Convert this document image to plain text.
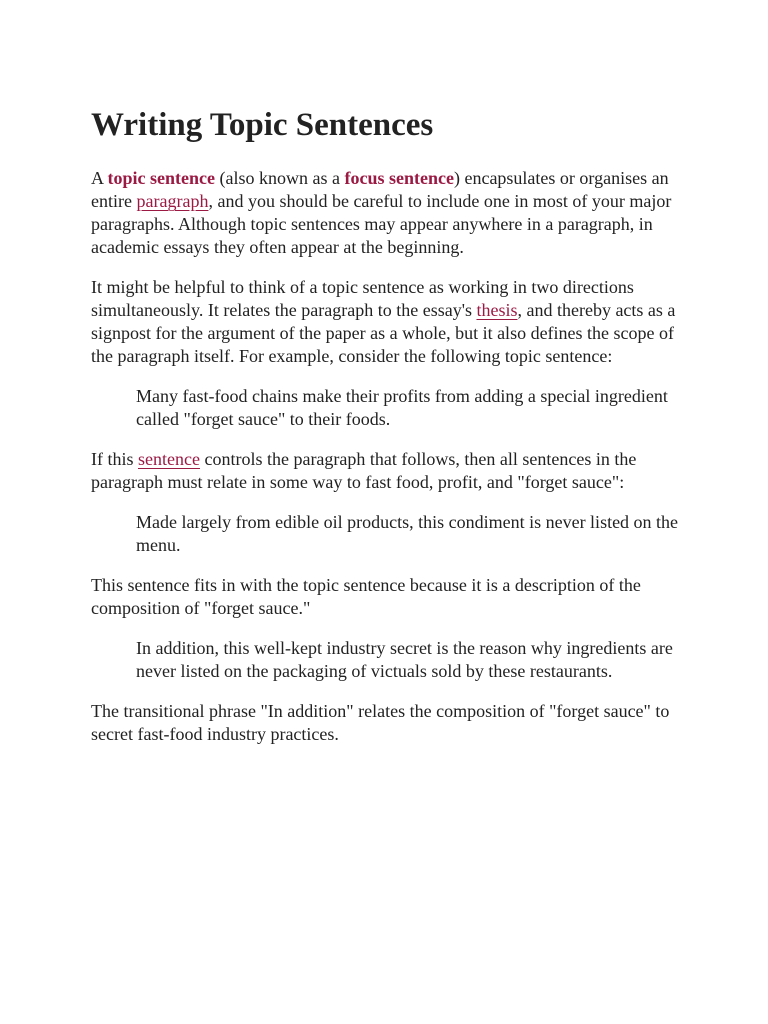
Writing Topic Sentences

A topic sentence (also known as a focus sentence) encapsulates or organises an entire paragraph, and you should be careful to include one in most of your major paragraphs. Although topic sentences may appear anywhere in a paragraph, in academic essays they often appear at the beginning.

It might be helpful to think of a topic sentence as working in two directions simultaneously. It relates the paragraph to the essay's thesis, and thereby acts as a signpost for the argument of the paper as a whole, but it also defines the scope of the paragraph itself. For example, consider the following topic sentence:

Many fast-food chains make their profits from adding a special ingredient called "forget sauce" to their foods.

If this sentence controls the paragraph that follows, then all sentences in the paragraph must relate in some way to fast food, profit, and "forget sauce":

Made largely from edible oil products, this condiment is never listed on the menu.

This sentence fits in with the topic sentence because it is a description of the composition of "forget sauce."

In addition, this well-kept industry secret is the reason why ingredients are never listed on the packaging of victuals sold by these restaurants.

The transitional phrase "In addition" relates the composition of "forget sauce" to secret fast-food industry practices.
